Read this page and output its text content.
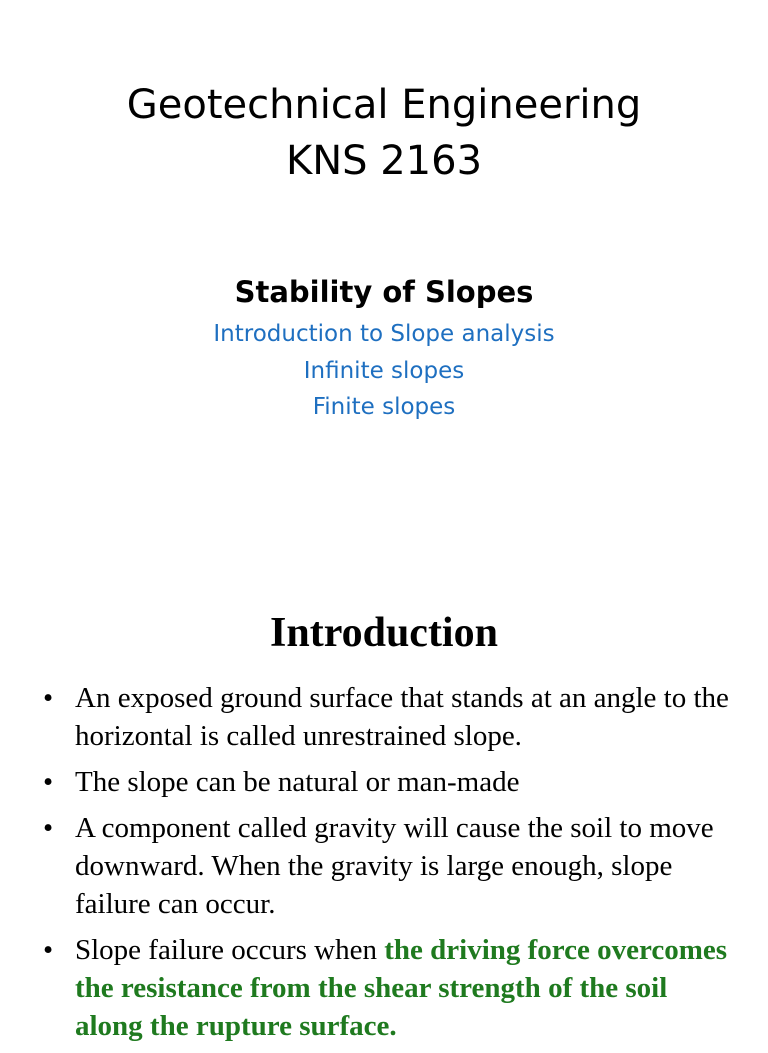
Geotechnical Engineering
KNS 2163
Stability of Slopes
Introduction to Slope analysis
Infinite slopes
Finite slopes
Introduction
• An exposed ground surface that stands at an angle to the horizontal is called unrestrained slope.
• The slope can be natural or man-made
• A component called gravity will cause the soil to move downward. When the gravity is large enough, slope failure can occur.
• Slope failure occurs when the driving force overcomes the resistance from the shear strength of the soil along the rupture surface.
